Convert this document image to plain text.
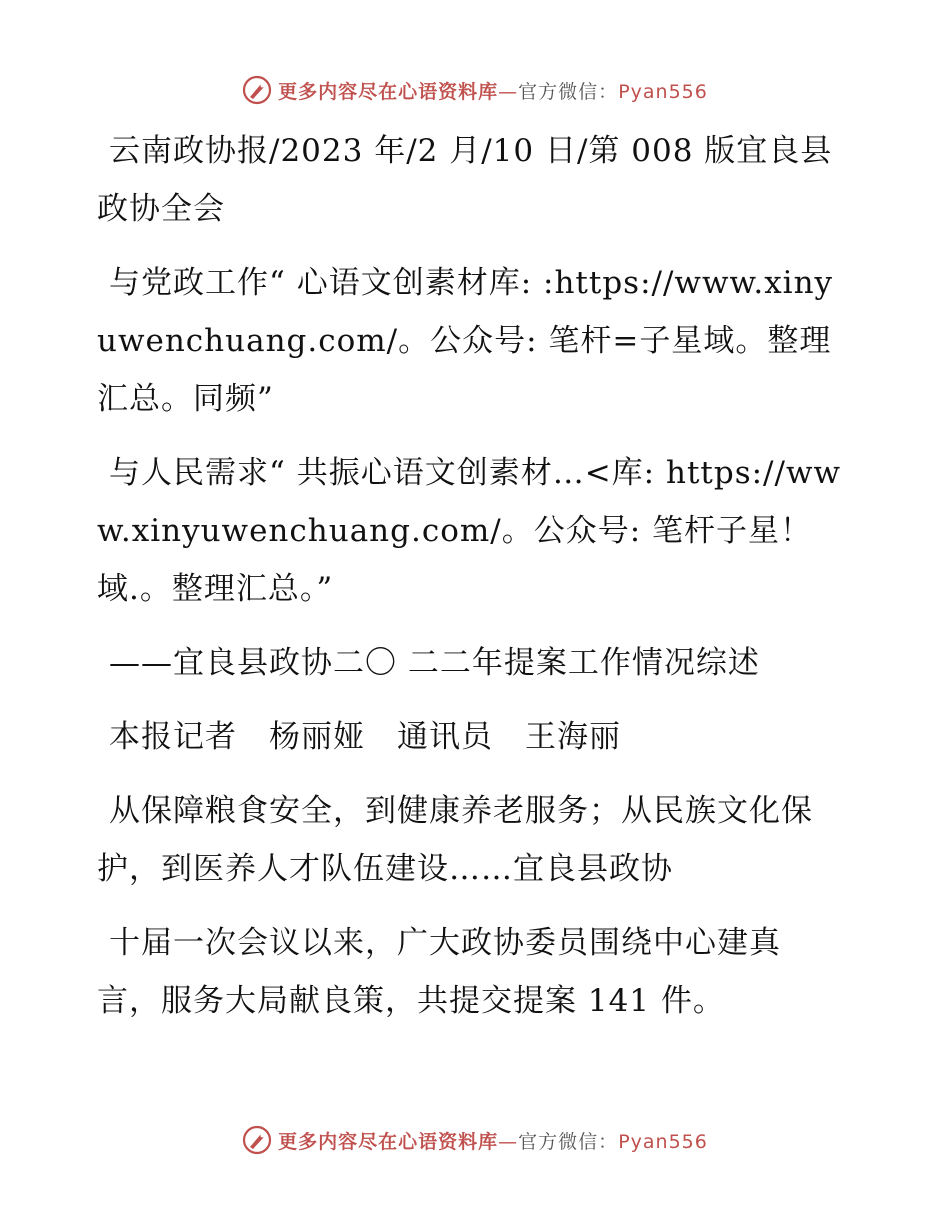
更多内容尽在心语资料库—官方微信：Pyan556

云南政协报/2023 年/2 月/10 日/第 008 版宜良县政协全会

与党政工作“ 心语文创素材库: :https://www.xinyuwenchuang.com/。公众号: 笔杆=子星域。整理汇总。同频”

与人民需求“ 共振心语文创素材…<库: https://www.xinyuwenchuang.com/。公众号: 笔杆子星！域.。整理汇总。”

——宜良县政协二〇 二二年提案工作情况综述

本报记者　杨丽娅　通讯员　王海丽

从保障粮食安全，到健康养老服务；从民族文化保护，到医养人才队伍建设……宜良县政协

十届一次会议以来，广大政协委员围绕中心建真言，服务大局献良策，共提交提案 141 件。

更多内容尽在心语资料库—官方微信：Pyan556
